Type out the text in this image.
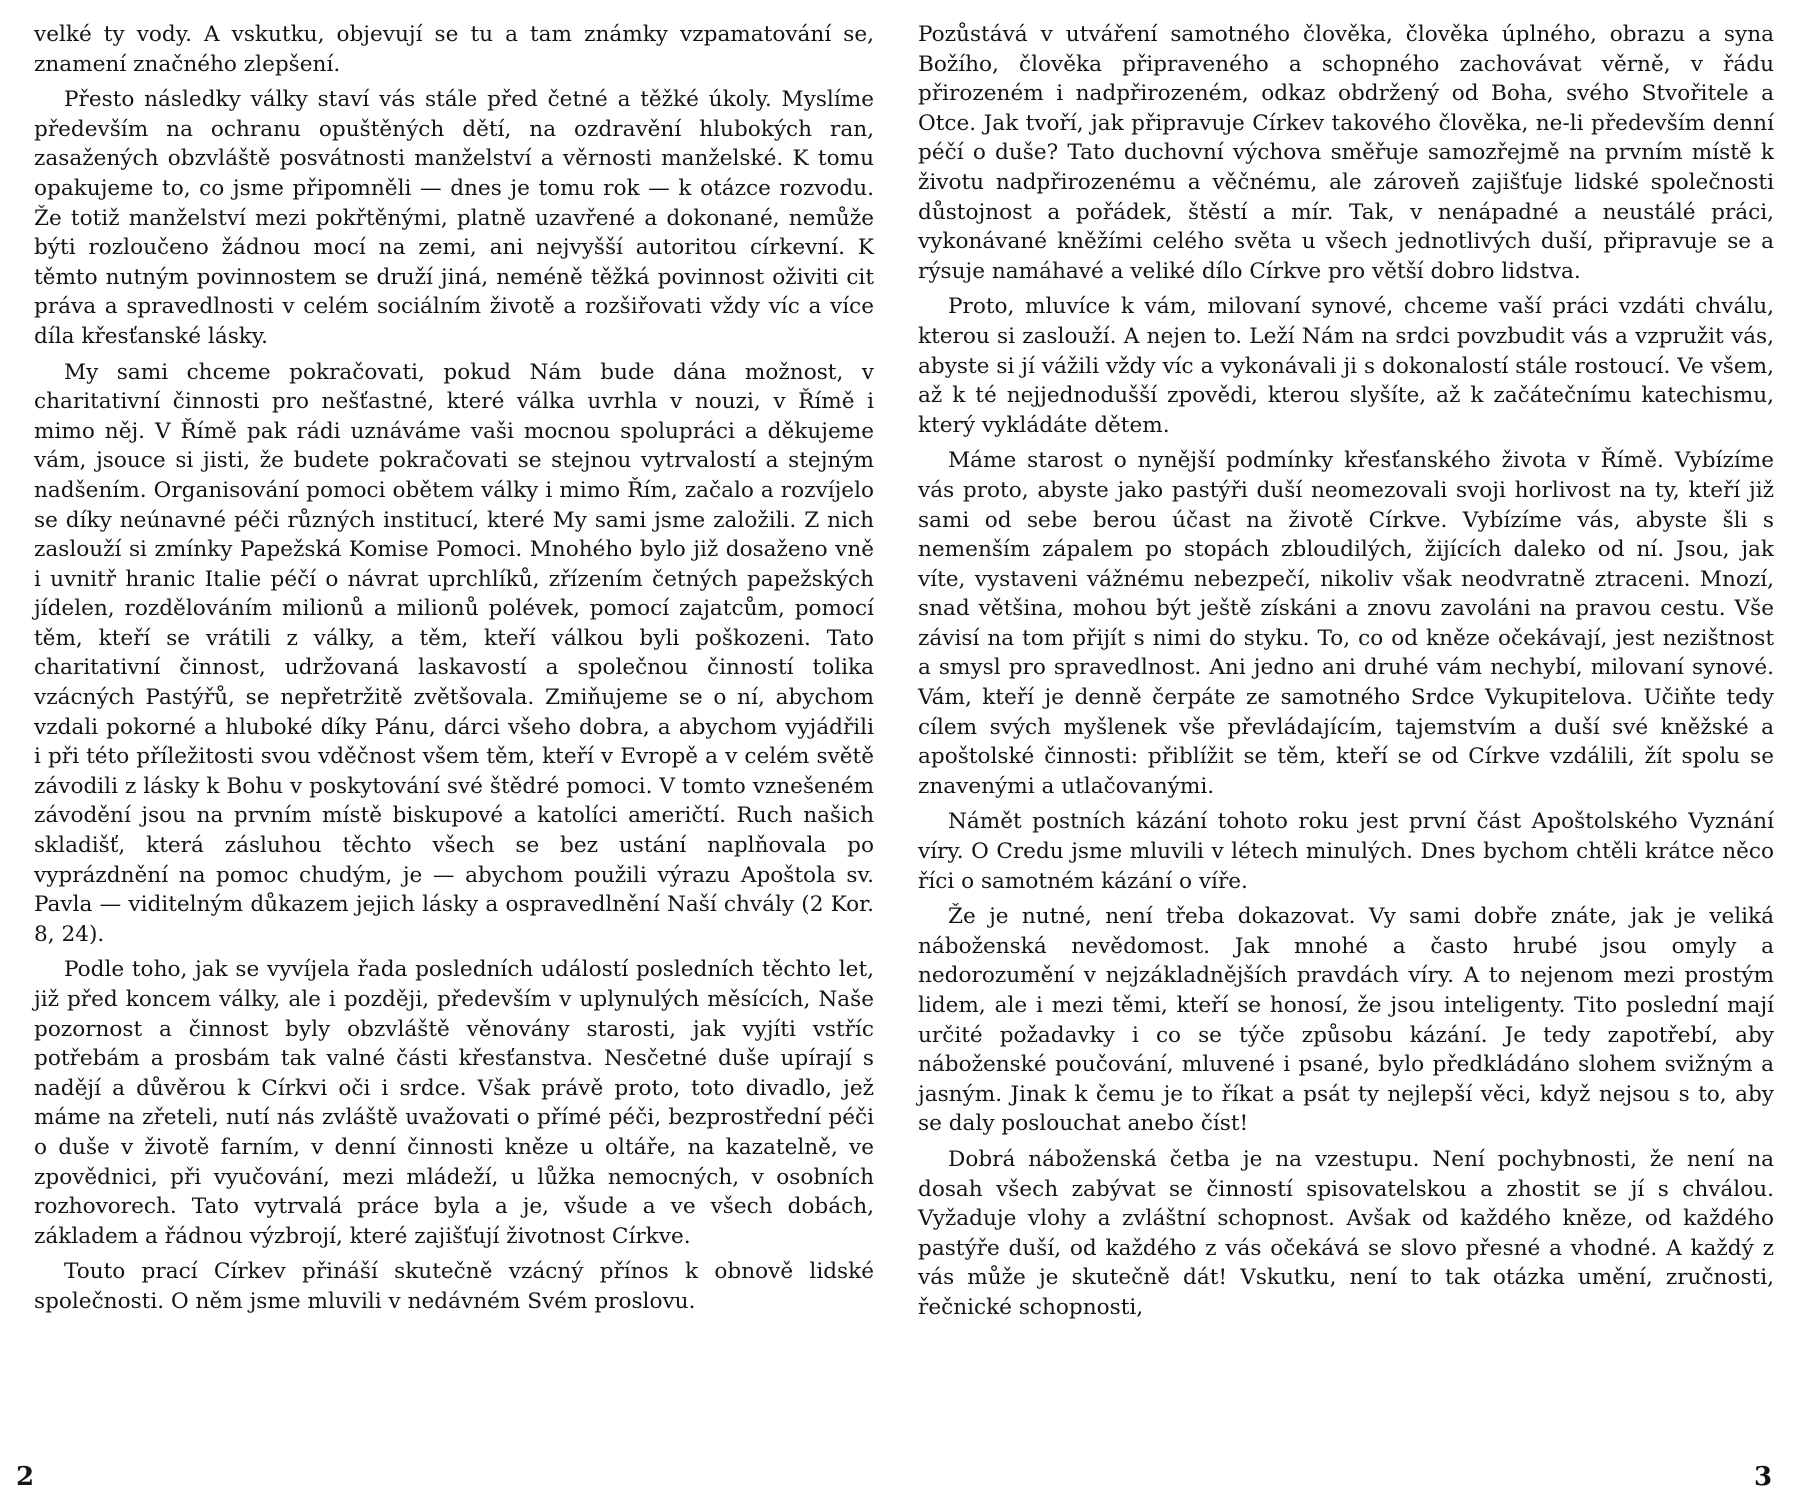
velké ty vody. A vskutku, objevují se tu a tam známky vzpamatování se, znamení značného zlepšení.

Přesto následky války staví vás stále před četné a těžké úkoly. Myslíme především na ochranu opuštěných dětí, na ozdravění hlubokých ran, zasažených obzvláště posvátnosti manželství a věrnosti manželské. K tomu opakujeme to, co jsme připomněli — dnes je tomu rok — k otázce rozvodu. Že totiž manželství mezi pokřtěnými, platně uzavřené a dokonané, nemůže býti rozloučeno žádnou mocí na zemi, ani nejvyšší autoritou církevní. K těmto nutným povinnostem se druží jiná, neméně těžká povinnost oživiti cit práva a spravedlnosti v celém sociálním životě a rozšiřovati vždy víc a více díla křesťanské lásky.

My sami chceme pokračovati, pokud Nám bude dána možnost, v charitativní činnosti pro nešťastné, které válka uvrhla v nouzi, v Římě i mimo něj. V Římě pak rádi uznáváme vaši mocnou spolupráci a děkujeme vám, jsouce si jisti, že budete pokračovati se stejnou vytrvalostí a stejným nadšením. Organisování pomoci obětem války i mimo Řím, začalo a rozvíjelo se díky neúnavné péči různých institucí, které My sami jsme založili. Z nich zaslouží si zmínky Papežská Komise Pomoci. Mnohého bylo již dosaženo vně i uvnitř hranic Italie péčí o návrat uprchlíků, zřízením četných papežských jídelen, rozdělováním milionů a milionů polévek, pomocí zajatcům, pomocí těm, kteří se vrátili z války, a těm, kteří válkou byli poškozeni. Tato charitativní činnost, udržovaná laskavostí a společnou činností tolika vzácných Pastýřů, se nepřetržitě zvětšovala. Zmiňujeme se o ní, abychom vzdali pokorné a hluboké díky Pánu, dárci všeho dobra, a abychom vyjádřili i při této příležitosti svou vděčnost všem těm, kteří v Evropě a v celém světě závodili z lásky k Bohu v poskytování své štědré pomoci. V tomto vznešeném závodění jsou na prvním místě biskupové a katolíci američtí. Ruch našich skladišť, která zásluhou těchto všech se bez ustání naplňovala po vyprázdnění na pomoc chudým, je — abychom použili výrazu Apoštola sv. Pavla — viditelným důkazem jejich lásky a ospravedlnění Naší chvály (2 Kor. 8, 24).

Podle toho, jak se vyvíjela řada posledních událostí posledních těchto let, již před koncem války, ale i později, především v uplynulých měsících, Naše pozornost a činnost byly obzvláště věnovány starosti, jak vyjíti vstříc potřebám a prosbám tak valné části křesťanstva. Nesčetné duše upírají s nadějí a důvěrou k Církvi oči i srdce. Však právě proto, toto divadlo, jež máme na zřeteli, nutí nás zvláště uvažovati o přímé péči, bezprostřední péči o duše v životě farním, v denní činnosti kněze u oltáře, na kazatelně, ve zpovědnici, při vyučování, mezi mládeží, u lůžka nemocných, v osobních rozhovorech. Tato vytrvalá práce byla a je, všude a ve všech dobách, základem a řádnou výzbrojí, které zajišťují životnost Církve.

Touto prací Církev přináší skutečně vzácný přínos k obnově lidské společnosti. O něm jsme mluvili v nedávném Svém proslovu.

Pozůstává v utváření samotného člověka, člověka úplného, obrazu a syna Božího, člověka připraveného a schopného zachovávat věrně, v řádu přirozeném i nadpřirozeném, odkaz obdržený od Boha, svého Stvořitele a Otce. Jak tvoří, jak připravuje Církev takového člověka, ne-li především denní péčí o duše? Tato duchovní výchova směřuje samozřejmě na prvním místě k životu nadpřirozenému a věčnému, ale zároveň zajišťuje lidské společnosti důstojnost a pořádek, štěstí a mír. Tak, v nenápadné a neustálé práci, vykonávané kněžími celého světa u všech jednotlivých duší, připravuje se a rýsuje namáhavé a veliké dílo Církve pro větší dobro lidstva.

Proto, mluvíce k vám, milovaní synové, chceme vaší práci vzdáti chválu, kterou si zaslouží. A nejen to. Leží Nám na srdci povzbudit vás a vzpružit vás, abyste si jí vážili vždy víc a vykonávali ji s dokonalostí stále rostoucí. Ve všem, až k té nejjednodušší zpovědi, kterou slyšíte, až k začátečnímu katechismu, který vykládáte dětem.

Máme starost o nynější podmínky křesťanského života v Římě. Vybízíme vás proto, abyste jako pastýři duší neomezovali svoji horlivost na ty, kteří již sami od sebe berou účast na životě Církve. Vybízíme vás, abyste šli s nemenším zápalem po stopách zbloudilých, žijících daleko od ní. Jsou, jak víte, vystaveni vážnému nebezpečí, nikoliv však neodvratně ztraceni. Mnozí, snad většina, mohou být ještě získáni a znovu zavoláni na pravou cestu. Vše závisí na tom přijít s nimi do styku. To, co od kněze očekávají, jest nezištnost a smysl pro spravedlnost. Ani jedno ani druhé vám nechybí, milovaní synové. Vám, kteří je denně čerpáte ze samotného Srdce Vykupitelova. Učiňte tedy cílem svých myšlenek vše převládajícím, tajemstvím a duší své kněžské a apoštolské činnosti: přiblížit se těm, kteří se od Církve vzdálili, žít spolu se znavenými a utlačovanými.

Námět postních kázání tohoto roku jest první část Apoštolského Vyznání víry. O Credu jsme mluvili v létech minulých. Dnes bychom chtěli krátce něco říci o samotném kázání o víře.

Že je nutné, není třeba dokazovat. Vy sami dobře znáte, jak je veliká náboženská nevědomost. Jak mnohé a často hrubé jsou omyly a nedorozumění v nejzákladnějších pravdách víry. A to nejenom mezi prostým lidem, ale i mezi těmi, kteří se honosí, že jsou inteligenty. Tito poslední mají určité požadavky i co se týče způsobu kázání. Je tedy zapotřebí, aby náboženské poučování, mluvené i psané, bylo předkládáno slohem svižným a jasným. Jinak k čemu je to říkat a psát ty nejlepší věci, když nejsou s to, aby se daly poslouchat anebo číst!

Dobrá náboženská četba je na vzestupu. Není pochybnosti, že není na dosah všech zabývat se činností spisovatelskou a zhostit se jí s chválou. Vyžaduje vlohy a zvláštní schopnost. Avšak od každého kněze, od každého pastýře duší, od každého z vás očekává se slovo přesné a vhodné. A každý z vás může je skutečně dát! Vskutku, není to tak otázka umění, zručnosti, řečnické schopnosti,

2	3
